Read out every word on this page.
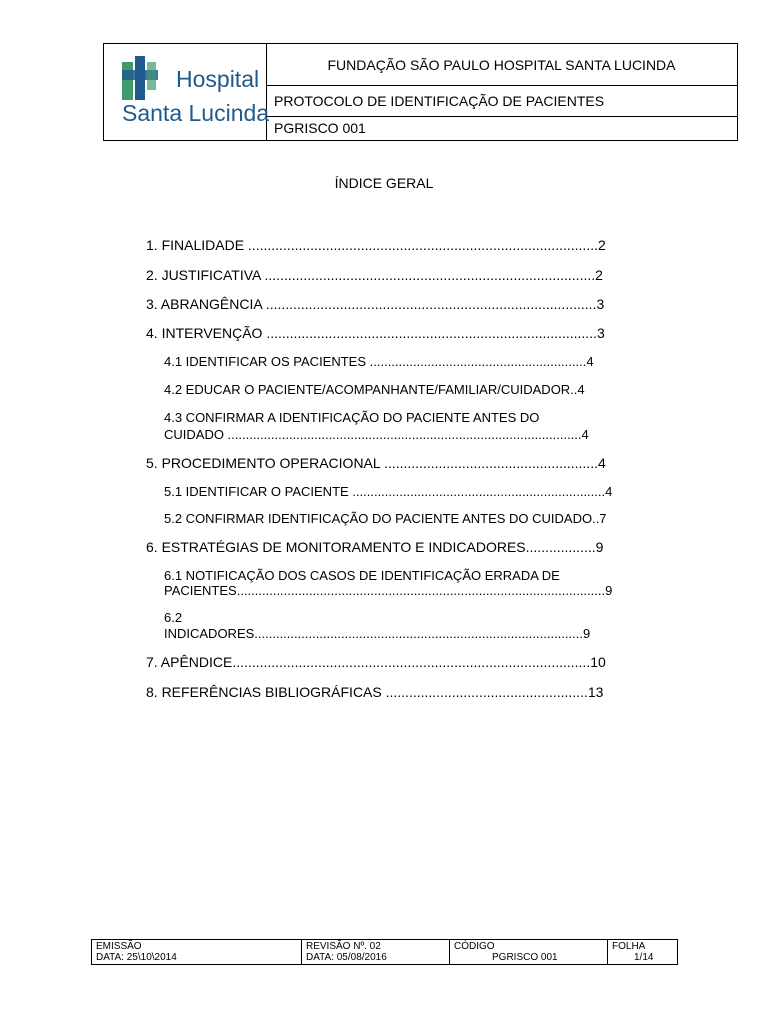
Hospital
Santa Lucinda
FUNDAÇÃO SÃO PAULO HOSPITAL SANTA LUCINDA
PROTOCOLO DE IDENTIFICAÇÃO DE PACIENTES
PGRISCO 001
ÍNDICE GERAL
1. FINALIDADE ..........................................................................................2
2. JUSTIFICATIVA .....................................................................................2
3. ABRANGÊNCIA .....................................................................................3
4. INTERVENÇÃO .....................................................................................3
4.1 IDENTIFICAR OS PACIENTES ............................................................4
4.2 EDUCAR O PACIENTE/ACOMPANHANTE/FAMILIAR/CUIDADOR..4
4.3 CONFIRMAR A IDENTIFICAÇÃO DO PACIENTE ANTES DO
CUIDADO ..................................................................................................4
5. PROCEDIMENTO OPERACIONAL .......................................................4
5.1 IDENTIFICAR O PACIENTE ......................................................................4
5.2 CONFIRMAR IDENTIFICAÇÃO DO PACIENTE ANTES DO CUIDADO..7
6. ESTRATÉGIAS DE MONITORAMENTO E INDICADORES..................9
6.1 NOTIFICAÇÃO DOS CASOS DE IDENTIFICAÇÃO ERRADA DE
PACIENTES......................................................................................................9
6.2
INDICADORES...........................................................................................9
7. APÊNDICE............................................................................................10
8. REFERÊNCIAS BIBLIOGRÁFICAS ....................................................13
EMISSÃO
DATA: 25\10\2014
REVISÃO Nº. 02
DATA: 05/08/2016
CÓDIGO
PGRISCO 001
FOLHA
1/14
